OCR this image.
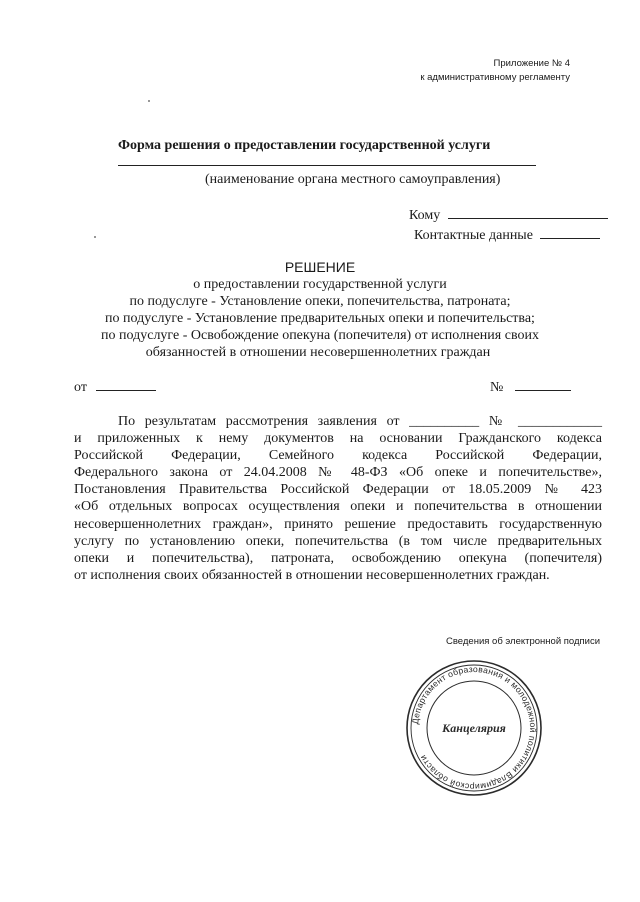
Приложение № 4
к административному регламенту
Форма решения о предоставлении государственной услуги
(наименование органа местного самоуправления)
Кому
Контактные данные
РЕШЕНИЕ
о предоставлении государственной услуги
по подуслуге - Установление опеки, попечительства, патроната;
по подуслуге - Установление предварительных опеки и попечительства;
по подуслуге - Освобождение опекуна (попечителя) от исполнения своих
обязанностей в отношении несовершеннолетних граждан
от	№
По результатам рассмотрения заявления от __________ № ____________
и приложенных к нему документов на основании Гражданского кодекса
Российской Федерации, Семейного кодекса Российской Федерации,
Федерального закона от 24.04.2008 № 48-ФЗ «Об опеке и попечительстве»,
Постановления Правительства Российской Федерации от 18.05.2009 № 423
«Об отдельных вопросах осуществления опеки и попечительства в отношении
несовершеннолетних граждан», принято решение предоставить государственную
услугу по установлению опеки, попечительства (в том числе предварительных
опеки и попечительства), патроната, освобождению опекуна (попечителя)
от исполнения своих обязанностей в отношении несовершеннолетних граждан.
Сведения об электронной подписи
Департамент образования и молодежной политики Владимирской области
Канцелярия
